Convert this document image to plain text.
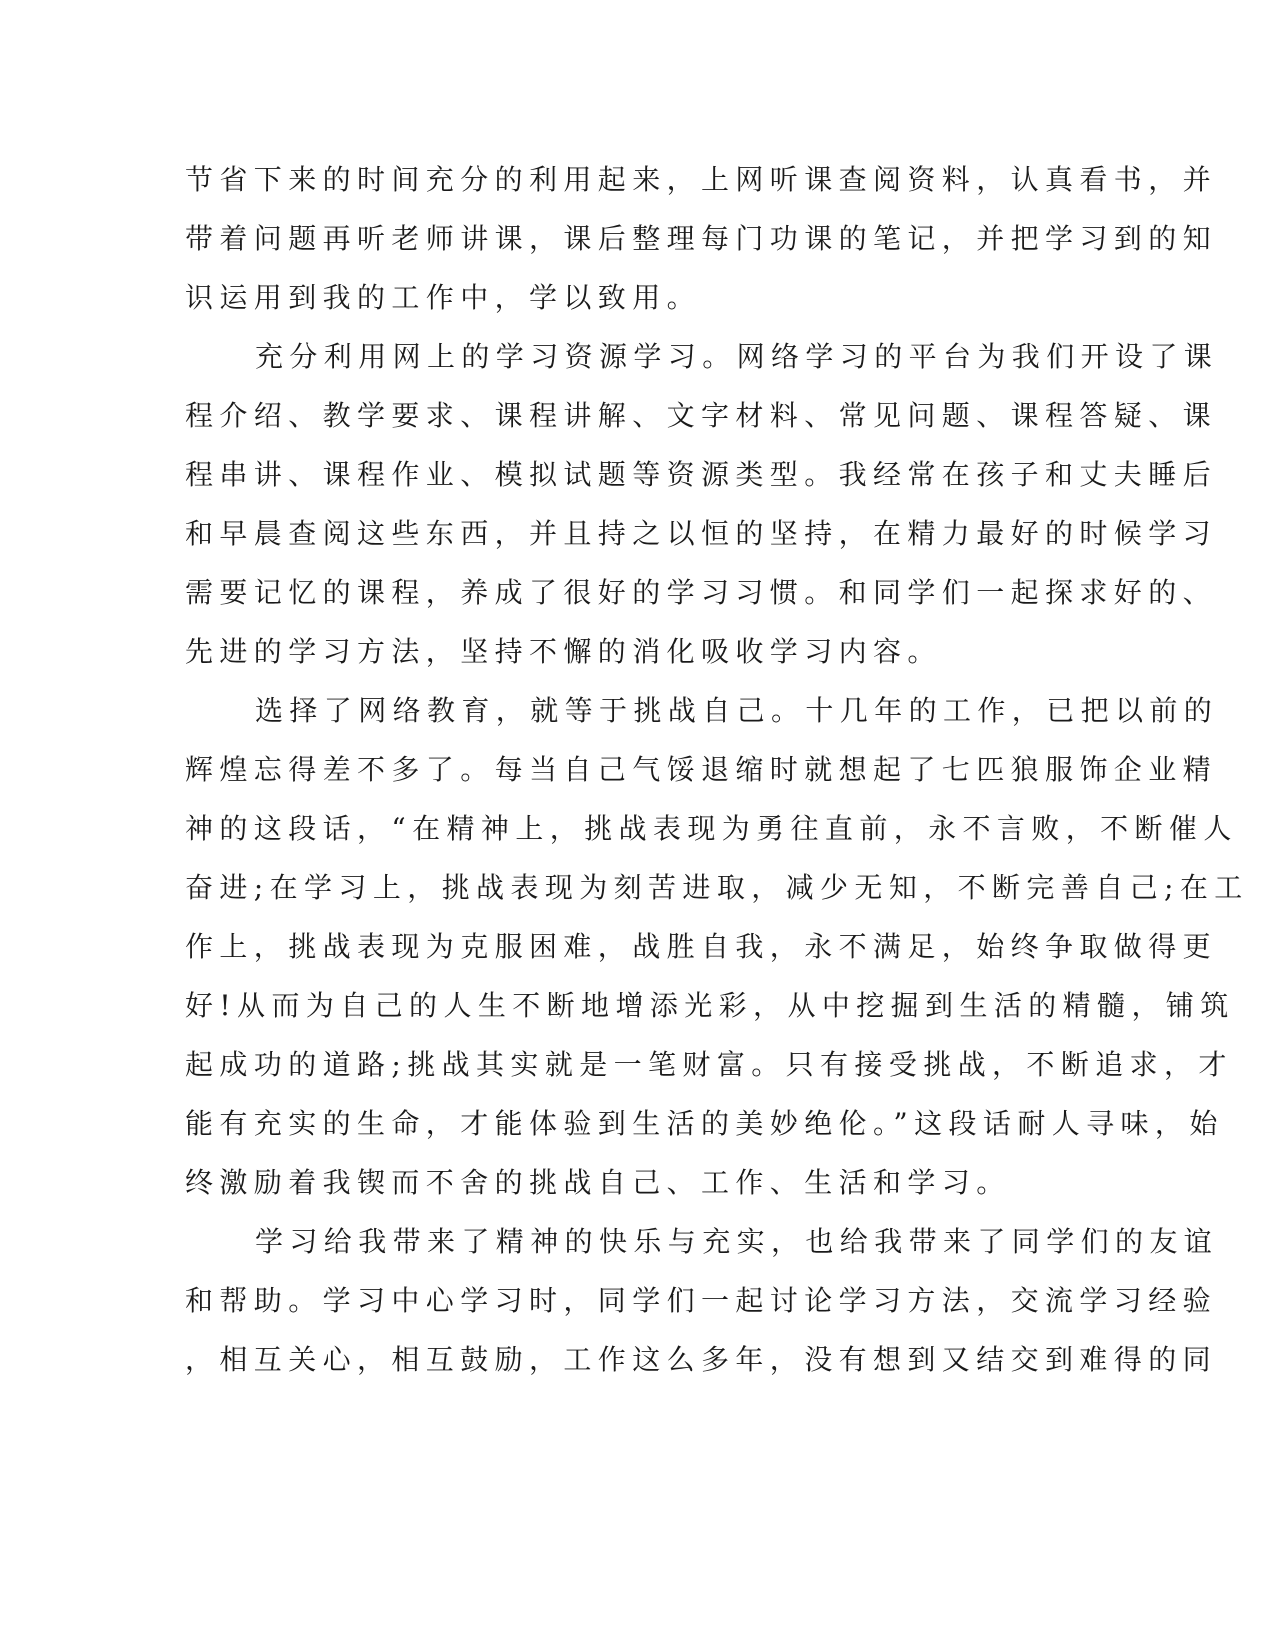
节省下来的时间充分的利用起来，上网听课查阅资料，认真看书，并

带着问题再听老师讲课，课后整理每门功课的笔记，并把学习到的知

识运用到我的工作中，学以致用。

充分利用网上的学习资源学习。网络学习的平台为我们开设了课

程介绍、教学要求、课程讲解、文字材料、常见问题、课程答疑、课

程串讲、课程作业、模拟试题等资源类型。我经常在孩子和丈夫睡后

和早晨查阅这些东西，并且持之以恒的坚持，在精力最好的时候学习

需要记忆的课程，养成了很好的学习习惯。和同学们一起探求好的、

先进的学习方法，坚持不懈的消化吸收学习内容。

选择了网络教育，就等于挑战自己。十几年的工作，已把以前的

辉煌忘得差不多了。每当自己气馁退缩时就想起了七匹狼服饰企业精

神的这段话，“在精神上，挑战表现为勇往直前，永不言败，不断催人

奋进;在学习上，挑战表现为刻苦进取，减少无知，不断完善自己;在工

作上，挑战表现为克服困难，战胜自我，永不满足，始终争取做得更

好!从而为自己的人生不断地增添光彩，从中挖掘到生活的精髓，铺筑

起成功的道路;挑战其实就是一笔财富。只有接受挑战，不断追求，才

能有充实的生命，才能体验到生活的美妙绝伦。”这段话耐人寻味，始

终激励着我锲而不舍的挑战自己、工作、生活和学习。

学习给我带来了精神的快乐与充实，也给我带来了同学们的友谊

和帮助。学习中心学习时，同学们一起讨论学习方法，交流学习经验

，相互关心，相互鼓励，工作这么多年，没有想到又结交到难得的同
